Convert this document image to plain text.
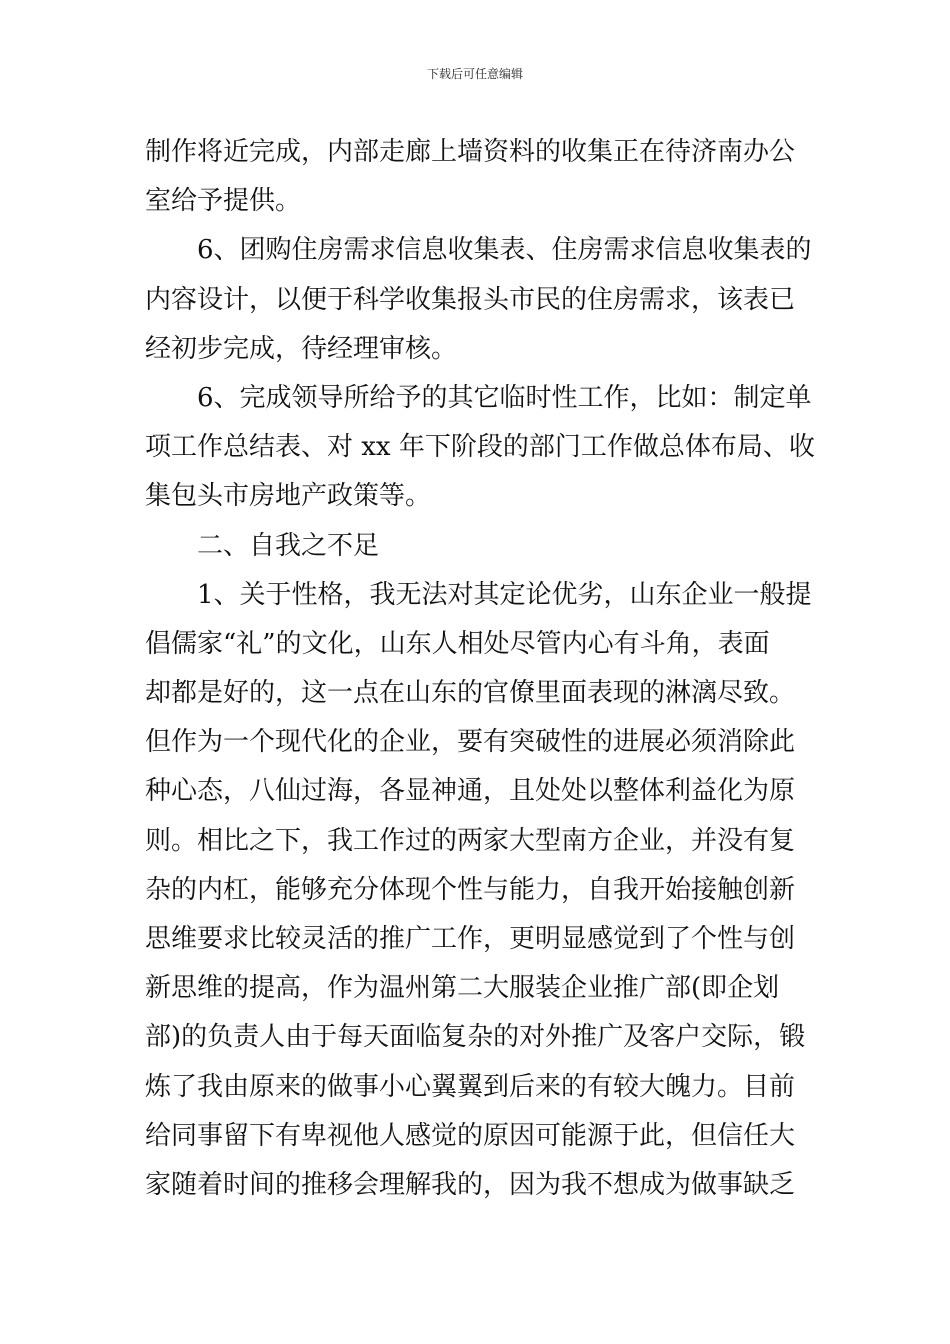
下载后可任意编辑
制作将近完成，内部走廊上墙资料的收集正在待济南办公
室给予提供。
6、团购住房需求信息收集表、住房需求信息收集表的
内容设计，以便于科学收集报头市民的住房需求，该表已
经初步完成，待经理审核。
6、完成领导所给予的其它临时性工作，比如：制定单
项工作总结表、对 xx 年下阶段的部门工作做总体布局、收
集包头市房地产政策等。
二、自我之不足
1、关于性格，我无法对其定论优劣，山东企业一般提
倡儒家“礼”的文化，山东人相处尽管内心有斗角，表面
却都是好的，这一点在山东的官僚里面表现的淋漓尽致。
但作为一个现代化的企业，要有突破性的进展必须消除此
种心态，八仙过海，各显神通，且处处以整体利益化为原
则。相比之下，我工作过的两家大型南方企业，并没有复
杂的内杠，能够充分体现个性与能力，自我开始接触创新
思维要求比较灵活的推广工作，更明显感觉到了个性与创
新思维的提高，作为温州第二大服装企业推广部(即企划
部)的负责人由于每天面临复杂的对外推广及客户交际，锻
炼了我由原来的做事小心翼翼到后来的有较大魄力。目前
给同事留下有卑视他人感觉的原因可能源于此，但信任大
家随着时间的推移会理解我的，因为我不想成为做事缺乏
